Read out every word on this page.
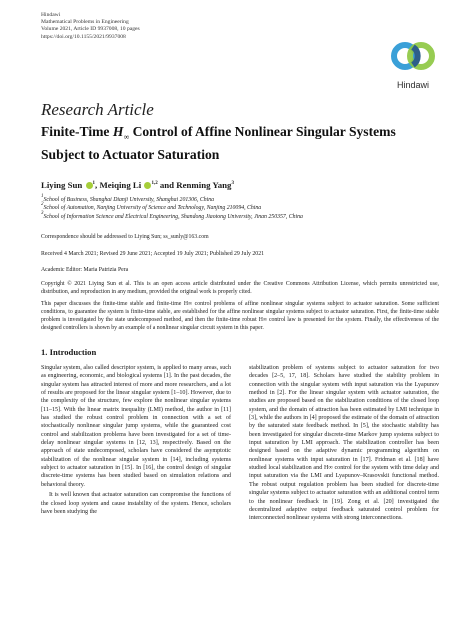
Hindawi
Mathematical Problems in Engineering
Volume 2021, Article ID 9937008, 10 pages
https://doi.org/10.1155/2021/9937008
Hindawi
Research Article
Finite-Time $H_\infty$ Control of Affine Nonlinear Singular Systems
Subject to Actuator Saturation
Liying Sun $^1$, Meiqing Li $^{1,2}$ and Renming Yang$^3$
$^1$School of Business, Shanghai Dianji University, Shanghai 201306, China
$^2$School of Automation, Nanjing University of Science and Technology, Nanjing 210094, China
$^3$School of Information Science and Electrical Engineering, Shandong Jiaotong University, Jinan 250357, China
Correspondence should be addressed to Liying Sun; ss_sunly@163.com
Received 4 March 2021; Revised 29 June 2021; Accepted 19 July 2021; Published 29 July 2021
Academic Editor: Maria Patrizia Pera
Copyright © 2021 Liying Sun et al. This is an open access article distributed under the Creative Commons Attribution License, which permits unrestricted use, distribution, and reproduction in any medium, provided the original work is properly cited.
This paper discusses the finite-time stable and finite-time H∞ control problems of affine nonlinear singular systems subject to actuator saturation. Some sufficient conditions, to guarantee the system is finite-time stable, are established for the affine nonlinear singular systems subject to actuator saturation. First, the finite-time stable problem is investigated by the state undecomposed method, and then the finite-time robust H∞ control law is presented for the system. Finally, the effectiveness of the designed controllers is shown by an example of a nonlinear singular circuit system in this paper.
1. Introduction

Singular system, also called descriptor system, is applied to many areas, such as engineering, economic, and biological systems [1]. In the past decades, the singular system has attracted interest of more and more researchers, and a lot of results are proposed for the linear singular system [1–10]. However, due to the complexity of the structure, few explore the nonlinear singular systems [11–15]. With the linear matrix inequality (LMI) method, the author in [11] has studied the robust control problem in connection with a set of stochastically nonlinear singular jump systems, while the guaranteed cost control and stabilization problems have been investigated for a set of time-delay nonlinear singular systems in [12, 13], respectively. Based on the approach of state undecomposed, scholars have considered the asymptotic stabilization of the nonlinear singular system in [14], including systems subject to actuator saturation in [15]. In [16], the control design of singular discrete-time systems has been studied based on simulation relations and behavioral theory.

It is well known that actuator saturation can compromise the functions of the closed loop system and cause instability of the system. Hence, scholars have been studying the

stabilization problem of systems subject to actuator saturation for two decades [2–5, 17, 18]. Scholars have studied the stability problem in connection with the singular system with input saturation via the Lyapunov method in [2]. For the linear singular system with actuator saturation, the studies are proposed based on the stabilization conditions of the closed loop system, and the domain of attraction has been estimated by LMI technique in [3], while the authors in [4] proposed the estimate of the domain of attraction by the saturated state feedback method. In [5], the stochastic stability has been investigated for singular discrete-time Markov jump systems subject to input saturation by LMI approach. The stabilization controller has been designed based on the adaptive dynamic programming algorithm on nonlinear systems with input saturation in [17]. Fridman et al. [18] have studied local stabilization and H∞ control for the system with time delay and input saturation via the LMI and Lyapunov–Krasovskii functional method. The robust output regulation problem has been studied for discrete-time singular systems subject to actuator saturation with an additional control term to the nonlinear feedback in [19]. Zong et al. [20] investigated the decentralized adaptive output feedback saturated control problem for interconnected nonlinear systems with strong interconnections.
